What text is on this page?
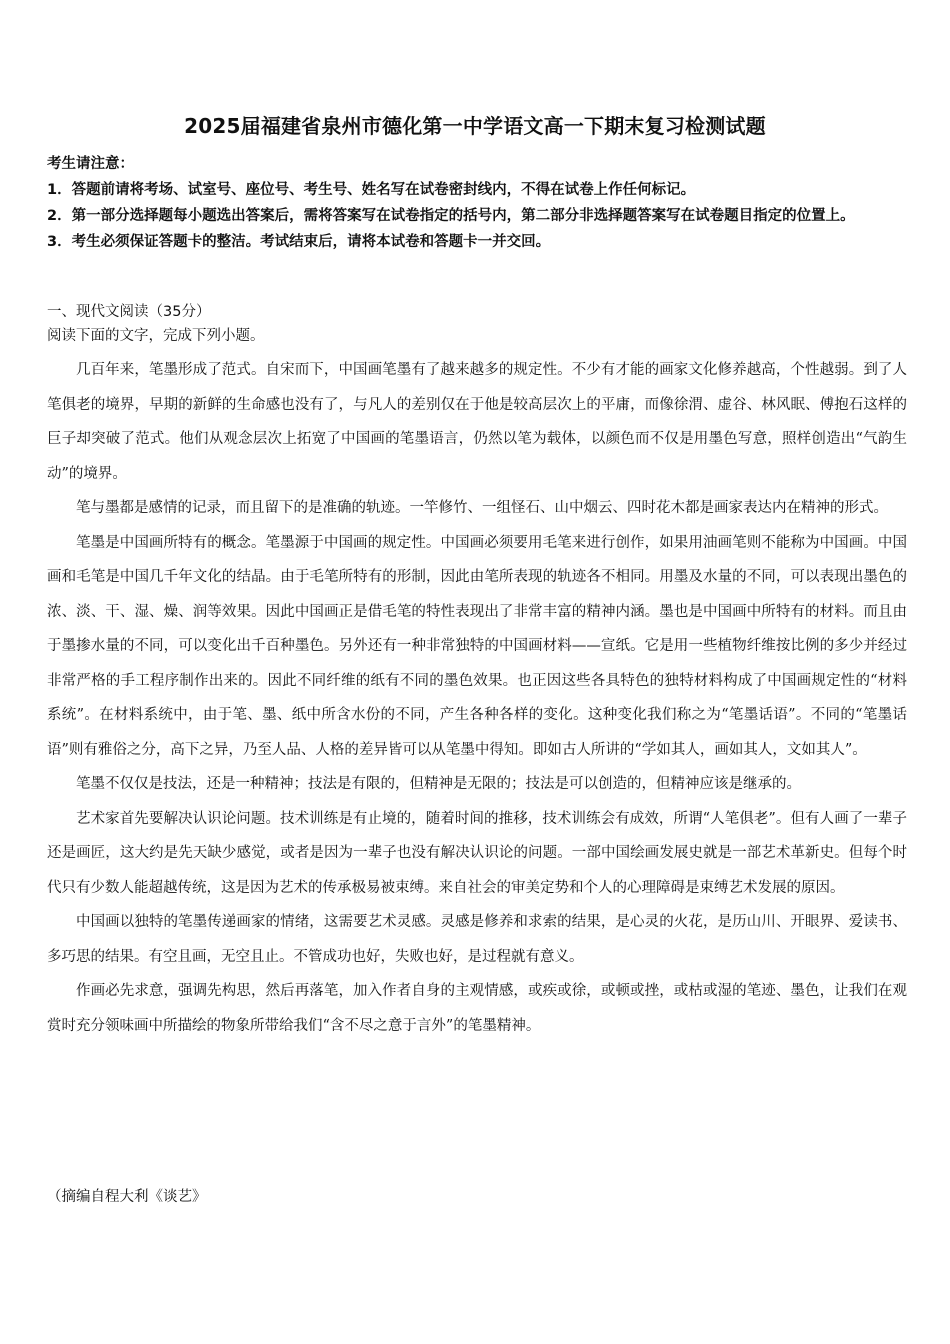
2025届福建省泉州市德化第一中学语文高一下期末复习检测试题
考生请注意：
1．答题前请将考场、试室号、座位号、考生号、姓名写在试卷密封线内，不得在试卷上作任何标记。
2．第一部分选择题每小题选出答案后，需将答案写在试卷指定的括号内，第二部分非选择题答案写在试卷题目指定的位置上。
3．考生必须保证答题卡的整洁。考试结束后，请将本试卷和答题卡一并交回。
一、现代文阅读（35分）
阅读下面的文字，完成下列小题。

几百年来，笔墨形成了范式。自宋而下，中国画笔墨有了越来越多的规定性。不少有才能的画家文化修养越高，个性越弱。到了人笔俱老的境界，早期的新鲜的生命感也没有了，与凡人的差别仅在于他是较高层次上的平庸，而像徐渭、虚谷、林风眠、傅抱石这样的巨子却突破了范式。他们从观念层次上拓宽了中国画的笔墨语言，仍然以笔为载体，以颜色而不仅是用墨色写意，照样创造出“气韵生动”的境界。

笔与墨都是感情的记录，而且留下的是准确的轨迹。一竿修竹、一组怪石、山中烟云、四时花木都是画家表达内在精神的形式。

笔墨是中国画所特有的概念。笔墨源于中国画的规定性。中国画必须要用毛笔来进行创作，如果用油画笔则不能称为中国画。中国画和毛笔是中国几千年文化的结晶。由于毛笔所特有的形制，因此由笔所表现的轨迹各不相同。用墨及水量的不同，可以表现出墨色的浓、淡、干、湿、燥、润等效果。因此中国画正是借毛笔的特性表现出了非常丰富的精神内涵。墨也是中国画中所特有的材料。而且由于墨掺水量的不同，可以变化出千百种墨色。另外还有一种非常独特的中国画材料——宣纸。它是用一些植物纤维按比例的多少并经过非常严格的手工程序制作出来的。因此不同纤维的纸有不同的墨色效果。也正因这些各具特色的独特材料构成了中国画规定性的“材料系统”。在材料系统中，由于笔、墨、纸中所含水份的不同，产生各种各样的变化。这种变化我们称之为“笔墨话语”。不同的“笔墨话语”则有雅俗之分，高下之异，乃至人品、人格的差异皆可以从笔墨中得知。即如古人所讲的“学如其人，画如其人，文如其人”。

笔墨不仅仅是技法，还是一种精神；技法是有限的，但精神是无限的；技法是可以创造的，但精神应该是继承的。

艺术家首先要解决认识论问题。技术训练是有止境的，随着时间的推移，技术训练会有成效，所谓“人笔俱老”。但有人画了一辈子还是画匠，这大约是先天缺少感觉，或者是因为一辈子也没有解决认识论的问题。一部中国绘画发展史就是一部艺术革新史。但每个时代只有少数人能超越传统，这是因为艺术的传承极易被束缚。来自社会的审美定势和个人的心理障碍是束缚艺术发展的原因。

中国画以独特的笔墨传递画家的情绪，这需要艺术灵感。灵感是修养和求索的结果，是心灵的火花，是历山川、开眼界、爱读书、多巧思的结果。有空且画，无空且止。不管成功也好，失败也好，是过程就有意义。

作画必先求意，强调先构思，然后再落笔，加入作者自身的主观情感，或疾或徐，或顿或挫，或枯或湿的笔迹、墨色，让我们在观赏时充分领味画中所描绘的物象所带给我们“含不尽之意于言外”的笔墨精神。

（摘编自程大利《谈艺》
